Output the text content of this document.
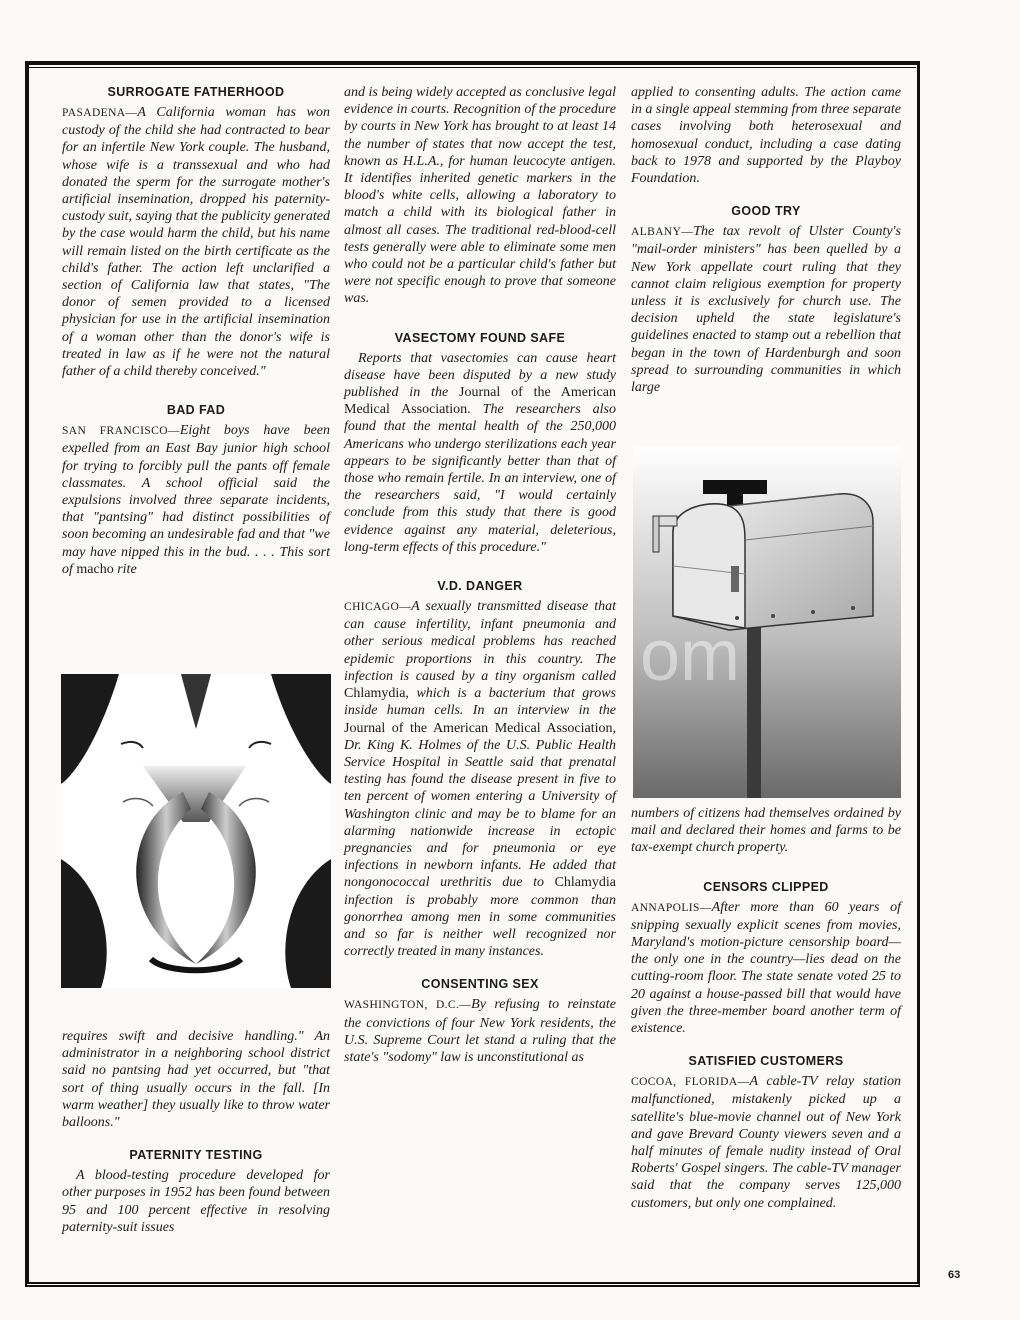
SURROGATE FATHERHOOD

PASADENA—A California woman has won custody of the child she had contracted to bear for an infertile New York couple. The husband, whose wife is a transsexual and who had donated the sperm for the surrogate mother's artificial insemination, dropped his paternity-custody suit, saying that the publicity generated by the case would harm the child, but his name will remain listed on the birth certificate as the child's father. The action left unclarified a section of California law that states, "The donor of semen provided to a licensed physician for use in the artificial insemination of a woman other than the donor's wife is treated in law as if he were not the natural father of a child thereby conceived."

BAD FAD

SAN FRANCISCO—Eight boys have been expelled from an East Bay junior high school for trying to forcibly pull the pants off female classmates. A school official said the expulsions involved three separate incidents, that "pantsing" had distinct possibilities of soon becoming an undesirable fad and that "we may have nipped this in the bud. . . . This sort of macho rite

requires swift and decisive handling." An administrator in a neighboring school district said no pantsing had yet occurred, but "that sort of thing usually occurs in the fall. [In warm weather] they usually like to throw water balloons."

PATERNITY TESTING

A blood-testing procedure developed for other purposes in 1952 has been found between 95 and 100 percent effective in resolving paternity-suit issues

and is being widely accepted as conclusive legal evidence in courts. Recognition of the procedure by courts in New York has brought to at least 14 the number of states that now accept the test, known as H.L.A., for human leucocyte antigen. It identifies inherited genetic markers in the blood's white cells, allowing a laboratory to match a child with its biological father in almost all cases. The traditional red-blood-cell tests generally were able to eliminate some men who could not be a particular child's father but were not specific enough to prove that someone was.

VASECTOMY FOUND SAFE

Reports that vasectomies can cause heart disease have been disputed by a new study published in the Journal of the American Medical Association. The researchers also found that the mental health of the 250,000 Americans who undergo sterilizations each year appears to be significantly better than that of those who remain fertile. In an interview, one of the researchers said, "I would certainly conclude from this study that there is good evidence against any material, deleterious, long-term effects of this procedure."

V.D. DANGER

CHICAGO—A sexually transmitted disease that can cause infertility, infant pneumonia and other serious medical problems has reached epidemic proportions in this country. The infection is caused by a tiny organism called Chlamydia, which is a bacterium that grows inside human cells. In an interview in the Journal of the American Medical Association, Dr. King K. Holmes of the U.S. Public Health Service Hospital in Seattle said that prenatal testing has found the disease present in five to ten percent of women entering a University of Washington clinic and may be to blame for an alarming nationwide increase in ectopic pregnancies and for pneumonia or eye infections in newborn infants. He added that nongonococcal urethritis due to Chlamydia infection is probably more common than gonorrhea among men in some communities and so far is neither well recognized nor correctly treated in many instances.

CONSENTING SEX

WASHINGTON, D.C.—By refusing to reinstate the convictions of four New York residents, the U.S. Supreme Court let stand a ruling that the state's "sodomy" law is unconstitutional as

applied to consenting adults. The action came in a single appeal stemming from three separate cases involving both heterosexual and homosexual conduct, including a case dating back to 1978 and supported by the Playboy Foundation.

GOOD TRY

ALBANY—The tax revolt of Ulster County's "mail-order ministers" has been quelled by a New York appellate court ruling that they cannot claim religious exemption for property unless it is exclusively for church use. The decision upheld the state legislature's guidelines enacted to stamp out a rebellion that began in the town of Hardenburgh and soon spread to surrounding communities in which large

numbers of citizens had themselves ordained by mail and declared their homes and farms to be tax-exempt church property.

CENSORS CLIPPED

ANNAPOLIS—After more than 60 years of snipping sexually explicit scenes from movies, Maryland's motion-picture censorship board—the only one in the country—lies dead on the cutting-room floor. The state senate voted 25 to 20 against a house-passed bill that would have given the three-member board another term of existence.

SATISFIED CUSTOMERS

COCOA, FLORIDA—A cable-TV relay station malfunctioned, mistakenly picked up a satellite's blue-movie channel out of New York and gave Brevard County viewers seven and a half minutes of female nudity instead of Oral Roberts' Gospel singers. The cable-TV manager said that the company serves 125,000 customers, but only one complained.

om
63
